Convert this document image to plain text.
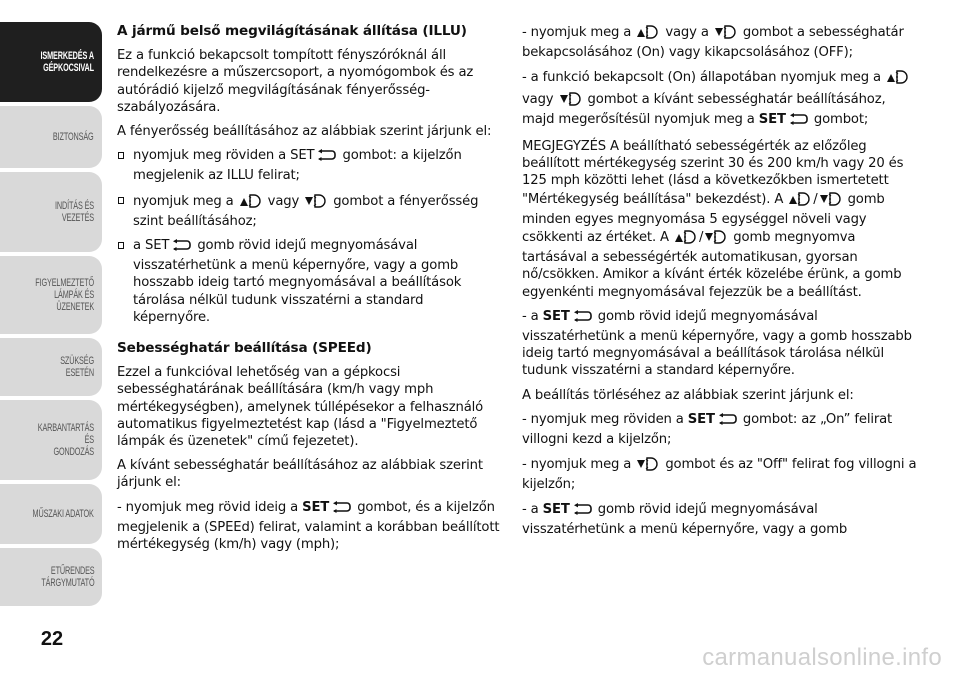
ISMERKEDÉS A
GÉPKOCSIVAL
BIZTONSÁG
INDÍTÁS ÉS VEZETÉS
FIGYELMEZTETŐ
LÁMPÁK ÉS
ÜZENETEK
SZÜKSÉG ESETÉN
KARBANTARTÁS ÉS
GONDOZÁS
MŰSZAKI ADATOK
ETŰRENDES
TÁRGYMUTATÓ
22
A jármű belső megvilágításának állítása (ILLU)

Ez a funkció bekapcsolt tompított fényszóróknál áll rendelkezésre a műszercsoport, a nyomógombok és az autórádió kijelző megvilágításának fényerősség-szabályozására.

A fényerősség beállításához az alábbiak szerint járjunk el:

nyomjuk meg röviden a SET gombot: a kijelzőn megjelenik az ILLU felirat;
nyomjuk meg a  vagy  gombot a fényerősség szint beállításához;
a SET gomb rövid idejű megnyomásával visszatérhetünk a menü képernyőre, vagy a gomb hosszabb ideig tartó megnyomásával a beállítások tárolása nélkül tudunk visszatérni a standard képernyőre.
Sebességhatár beállítása (SPEEd)

Ezzel a funkcióval lehetőség van a gépkocsi sebességhatárának beállítására (km/h vagy mph mértékegységben), amelynek túllépésekor a felhasználó automatikus figyelmeztetést kap (lásd a "Figyelmeztető lámpák és üzenetek" című fejezetet).

A kívánt sebességhatár beállításához az alábbiak szerint járjunk el:

- nyomjuk meg rövid ideig a SET gombot, és a kijelzőn megjelenik a (SPEEd) felirat, valamint a korábban beállított mértékegység (km/h) vagy (mph);

- nyomjuk meg a  vagy a  gombot a sebességhatár bekapcsolásához (On) vagy kikapcsolásához (OFF);

- a funkció bekapcsolt (On) állapotában nyomjuk meg a  vagy  gombot a kívánt sebességhatár beállításához, majd megerősítésül nyomjuk meg a SET gombot;

MEGJEGYZÉS A beállítható sebességérték az előzőleg beállított mértékegység szerint 30 és 200 km/h vagy 20 és 125 mph közötti lehet (lásd a következőkben ismertetett "Mértékegység beállítása" bekezdést). A / gomb minden egyes megnyomása 5 egységgel növeli vagy csökkenti az értéket. A / gomb megnyomva tartásával a sebességérték automatikusan, gyorsan nő/csökken. Amikor a kívánt érték közelébe érünk, a gomb egyenkénti megnyomásával fejezzük be a beállítást.

- a SET gomb rövid idejű megnyomásával visszatérhetünk a menü képernyőre, vagy a gomb hosszabb ideig tartó megnyomásával a beállítások tárolása nélkül tudunk visszatérni a standard képernyőre.

A beállítás törléséhez az alábbiak szerint járjunk el:

- nyomjuk meg röviden a SET gombot: az „On” felirat villogni kezd a kijelzőn;

- nyomjuk meg a  gombot és az "Off" felirat fog villogni a kijelzőn;

- a SET gomb rövid idejű megnyomásával visszatérhetünk a menü képernyőre, vagy a gomb

carmanualsonline.info
